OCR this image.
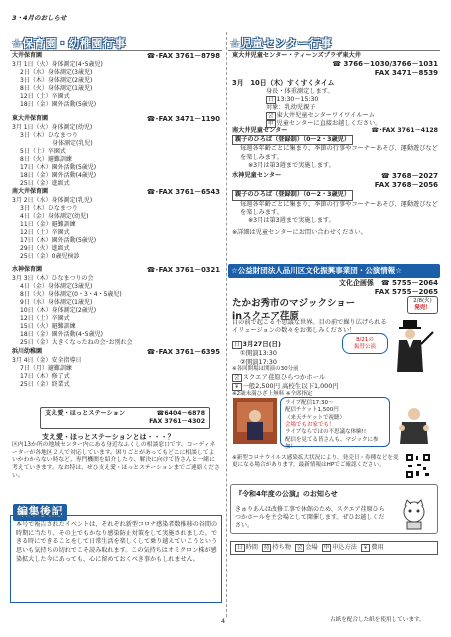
3・4月のおしらせ
☆保育園・幼稚園行事
大井保育園	☎･FAX 3761－8798
3月 1日（火）身体測定(4･5歳児)
2日（水）身体測定(3歳児)
3日（木）身体測定(2歳児)
8日（火）身体測定(1歳児)
12日（土）卒園式
18日（金）園外活動(5歳児)
東大井保育園	☎･FAX 3471－1190
3月 1日（火）身体測定(幼児)
3日（木）ひなまつり
身体測定(乳児)
5日（土）卒園式
8日（火）避難訓練
17日（木）園外活動(5歳児)
18日（金）園外活動(4歳児)
25日（金）進級式
南大井保育園	☎･FAX 3761－6543
3月 2日（水）身体測定(乳児)
3日（木）ひなまつり
4日（金）身体測定(幼児)
11日（金）避難訓練
12日（土）卒園式
17日（木）園外活動(5歳児)
29日（火）進級式
25日（金）0歳児検診
水神保育園	☎･FAX 3761－0321
3月 3日（木）ひなまつりの会
4日（金）身体測定(3歳児)
8日（火）身体測定(0・3・4・5歳児)
9日（水）身体測定(1歳児)
10日（木）身体測定(2歳児)
12日（土）卒園式
15日（火）避難訓練
18日（金）園外活動(4･5歳児)
25日（金）大きくなったねの会･お別れ会
浜川幼稚園	☎･FAX 3761－6395
3月 4日（金）安全指導日
7日（月）避難訓練
17日（木）修了式
25日（金）終業式
支え愛・ほっとステーション	☎6404－6878
FAX 3761－4302
支え愛・ほっとステーションとは・・・？
区内13か所の地域センター内にある身近なふくしの相談窓口です。コーディネーターが各地区２人で対応しています。困りごとがあってもどこに相談してよいかわからない時など、専門機関を紹介したり、解決に向けて皆さんと一緒に考えていきます。なお特は、ぜひ支え愛・ほっとステーションまでご連絡ください。
編集後記
本号で報告されたイベントは、それぞれ新型コロナ感染者数推移の谷間の時期に当たり、その上でもかなり感染防止対策をして実施されました。できる時にできることをして日常生活を楽しくして乗り越えていこうという思いも気持ちの切れでこそ読み取れます。この気持ちはオミクロン株が感染拡大した今にあっても、心に留めておくべき事かもしれません。
☆児童センター行事
東大井児童センター・ティーンズプラザ東大井
☎ 3766－1030/3766－1031
FAX 3471－8539
3月　10日（木）すくすくタイム
身長・体重測定します。
日 13:30～15:30
対象：乳幼児親子
会 東大井児童センターワイワイルーム
申 児童センターに直接お越しください。
南大井児童センター	☎･FAX 3761－4128
親子のひろば（登録制）（0～2・3歳児）
毎週各年齢ごとに集まり、季節の行事やコーナーあそび、運動遊びなどを楽しみます。
※3月は第3週まで実施します。
水神児童センター	☎ 3768－2027
FAX 3768－2056
親子のひろば（登録制）（0～2・3歳児）
毎週各年齢ごとに集まり、季節の行事やコーナーあそび、運動遊びなどを楽しみます。
※3月は第3週まで実施します。
※詳細は児童センターにお問い合わせください。
☆公益財団法人品川区文化振興事業団・公演情報☆
文化企画係　 ☎ 5755－2064
FAX 5755－2065
たかお秀市のマジックショー
inスクエア荏原
2/8(火)
発売！
目の前で起こる不思議な世界。目の前で繰り広げられるイリュージョンの数々をお楽しみください！
日 3月27日(日)
①開演13:30
②開演17:30
※各回開場は開演の30分前
会 スクエア荏原ひらつかホール
￥ 一般2,500円 高校生以下1,000円
※2歳未満ひざ上無料 ※全席指定
8/21の
振替公演
ライブ配信17:30～
配信チケット1,500円
（来天チケットで視聴）
会場でもお家でも！
ライブならではの不思議な体験!!
配信を見てる皆さんも、マジックに参加！
※新型コロナウイルス感染拡大状況により、発売日・券種などを変更になる場合があります。最新情報はHPでご確認ください。
『令和4年度の公演』のお知らせ
きゅりあんは改修工事で休館のため、スクエア荏原ひらつかホールを主会場として開催します。ぜひお越しください。
日 時間 持 持ち物 会 会場 申 申込方法 ￥ 費用
4	古紙を配合した紙を使用しています。
